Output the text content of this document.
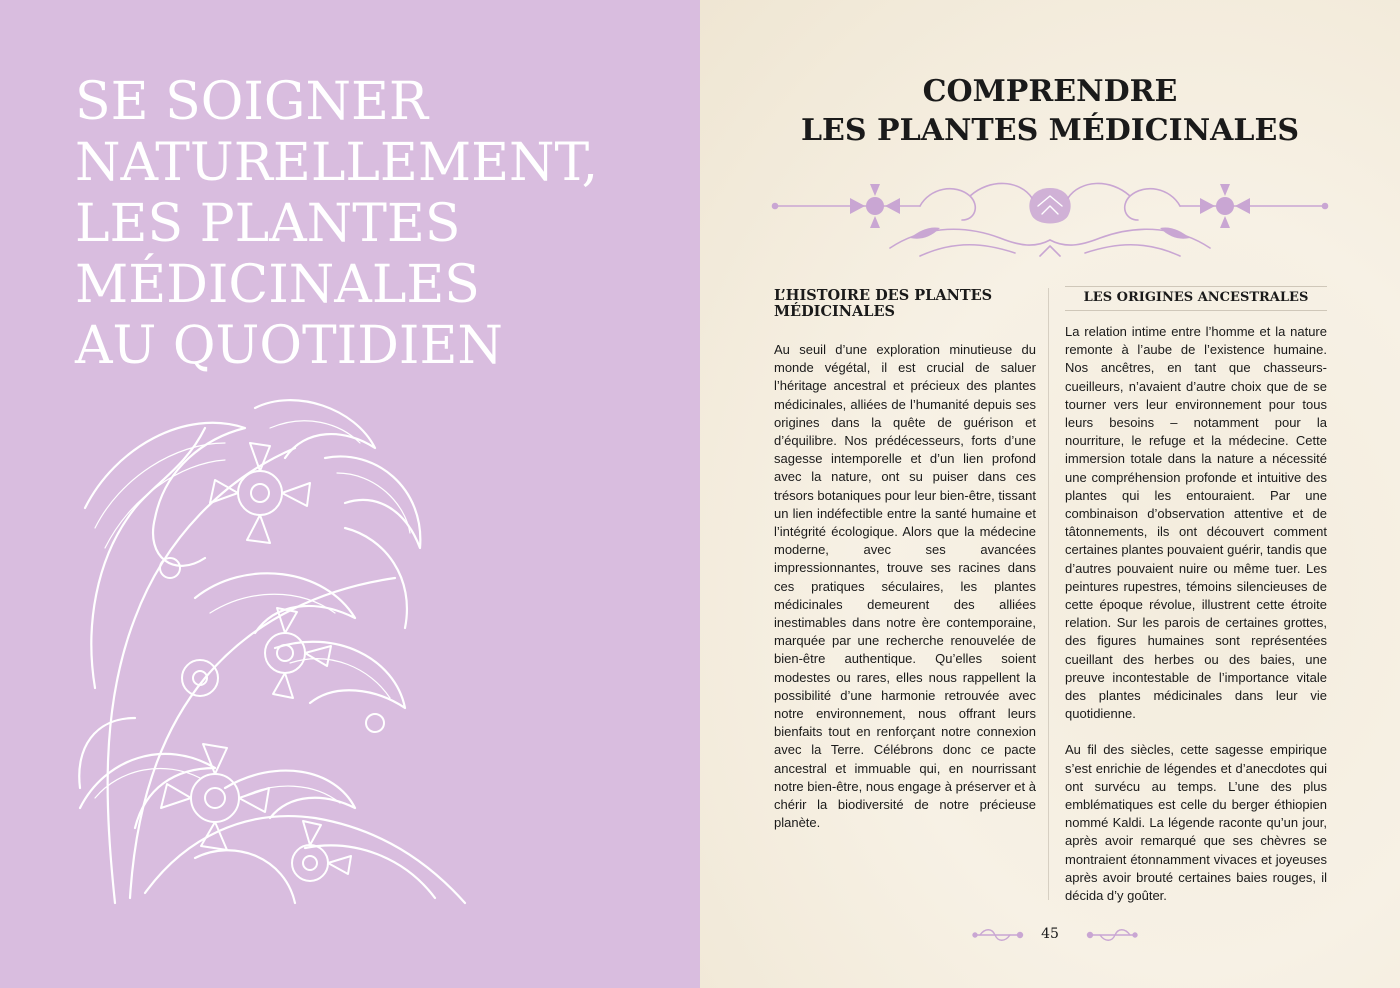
SE SOIGNER
NATURELLEMENT,
LES PLANTES
MÉDICINALES
AU QUOTIDIEN
COMPRENDRE
LES PLANTES MÉDICINALES
L’HISTOIRE DES PLANTES MÉDICINALES

Au seuil d’une exploration minutieuse du monde végétal, il est crucial de saluer l’héritage ancestral et précieux des plantes médicinales, alliées de l’humanité depuis ses origines dans la quête de guérison et d’équilibre. Nos prédécesseurs, forts d’une sagesse intemporelle et d’un lien profond avec la nature, ont su puiser dans ces trésors botaniques pour leur bien-être, tissant un lien indéfectible entre la santé humaine et l’intégrité écologique. Alors que la médecine moderne, avec ses avancées impressionnantes, trouve ses racines dans ces pratiques séculaires, les plantes médicinales demeurent des alliées inestimables dans notre ère contemporaine, marquée par une recherche renouvelée de bien-être authentique. Qu’elles soient modestes ou rares, elles nous rappellent la possibilité d’une harmonie retrouvée avec notre environnement, nous offrant leurs bienfaits tout en renforçant notre connexion avec la Terre. Célébrons donc ce pacte ancestral et immuable qui, en nourrissant notre bien-être, nous engage à préserver et à chérir la biodiversité de notre précieuse planète.

LES ORIGINES ANCESTRALES

La relation intime entre l’homme et la nature remonte à l’aube de l’existence humaine. Nos ancêtres, en tant que chasseurs-cueilleurs, n’avaient d’autre choix que de se tourner vers leur environnement pour tous leurs besoins – notamment pour la nourriture, le refuge et la médecine. Cette immersion totale dans la nature a nécessité une compréhension profonde et intuitive des plantes qui les entouraient. Par une combinaison d’observation attentive et de tâtonnements, ils ont découvert comment certaines plantes pouvaient guérir, tandis que d’autres pouvaient nuire ou même tuer. Les peintures rupestres, témoins silencieuses de cette époque révolue, illustrent cette étroite relation. Sur les parois de certaines grottes, des figures humaines sont représentées cueillant des herbes ou des baies, une preuve incontestable de l’importance vitale des plantes médicinales dans leur vie quotidienne.

Au fil des siècles, cette sagesse empirique s’est enrichie de légendes et d’anecdotes qui ont survécu au temps. L’une des plus emblématiques est celle du berger éthiopien nommé Kaldi. La légende raconte qu’un jour, après avoir remarqué que ses chèvres se montraient étonnamment vivaces et joyeuses après avoir brouté certaines baies rouges, il décida d’y goûter.

45
